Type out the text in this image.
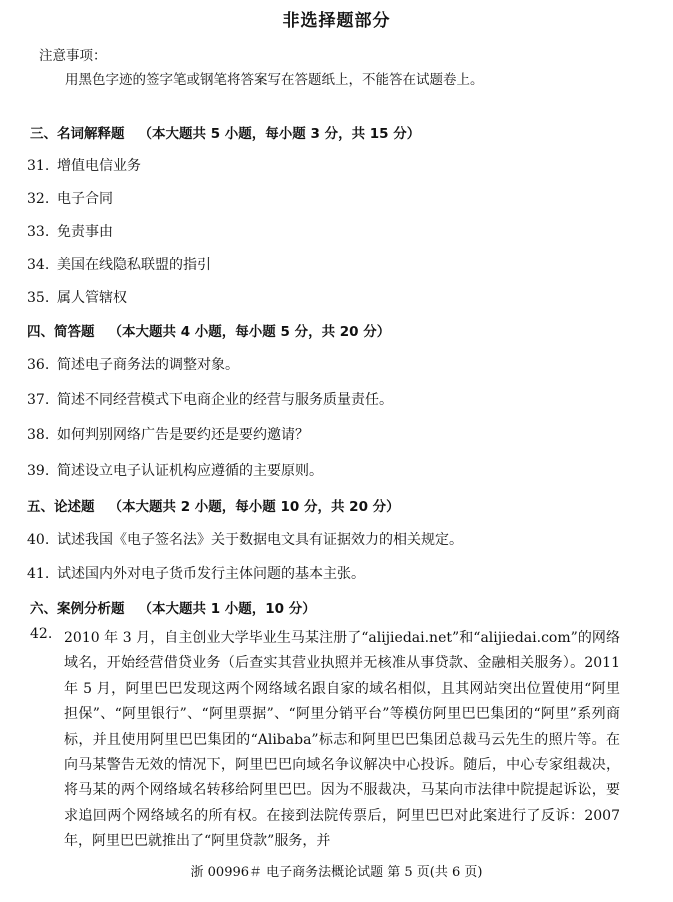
非选择题部分
注意事项：
用黑色字迹的签字笔或钢笔将答案写在答题纸上，不能答在试题卷上。
三、名词解释题 （本大题共 5 小题，每小题 3 分，共 15 分）
31. 增值电信业务
32. 电子合同
33. 免责事由
34. 美国在线隐私联盟的指引
35. 属人管辖权
四、简答题 （本大题共 4 小题，每小题 5 分，共 20 分）
36. 简述电子商务法的调整对象。
37. 简述不同经营模式下电商企业的经营与服务质量责任。
38. 如何判别网络广告是要约还是要约邀请？
39. 简述设立电子认证机构应遵循的主要原则。
五、论述题 （本大题共 2 小题，每小题 10 分，共 20 分）
40. 试述我国《电子签名法》关于数据电文具有证据效力的相关规定。
41. 试述国内外对电子货币发行主体问题的基本主张。
六、案例分析题 （本大题共 1 小题，10 分）
42. 2010 年 3 月，自主创业大学毕业生马某注册了“alijiedai.net”和“alijiedai.com”的网络域名，开始经营借贷业务（后查实其营业执照并无核准从事贷款、金融相关服务）。2011 年 5 月，阿里巴巴发现这两个网络域名跟自家的域名相似，且其网站突出位置使用“阿里担保”、“阿里银行”、“阿里票据”、“阿里分销平台”等模仿阿里巴巴集团的“阿里”系列商标，并且使用阿里巴巴集团的“Alibaba”标志和阿里巴巴集团总裁马云先生的照片等。在向马某警告无效的情况下，阿里巴巴向域名争议解决中心投诉。随后，中心专家组裁决，将马某的两个网络域名转移给阿里巴巴。因为不服裁决，马某向市法律中院提起诉讼，要求追回两个网络域名的所有权。在接到法院传票后，阿里巴巴对此案进行了反诉：2007 年，阿里巴巴就推出了“阿里贷款”服务，并
浙 00996＃ 电子商务法概论试题 第 5 页(共 6 页)
